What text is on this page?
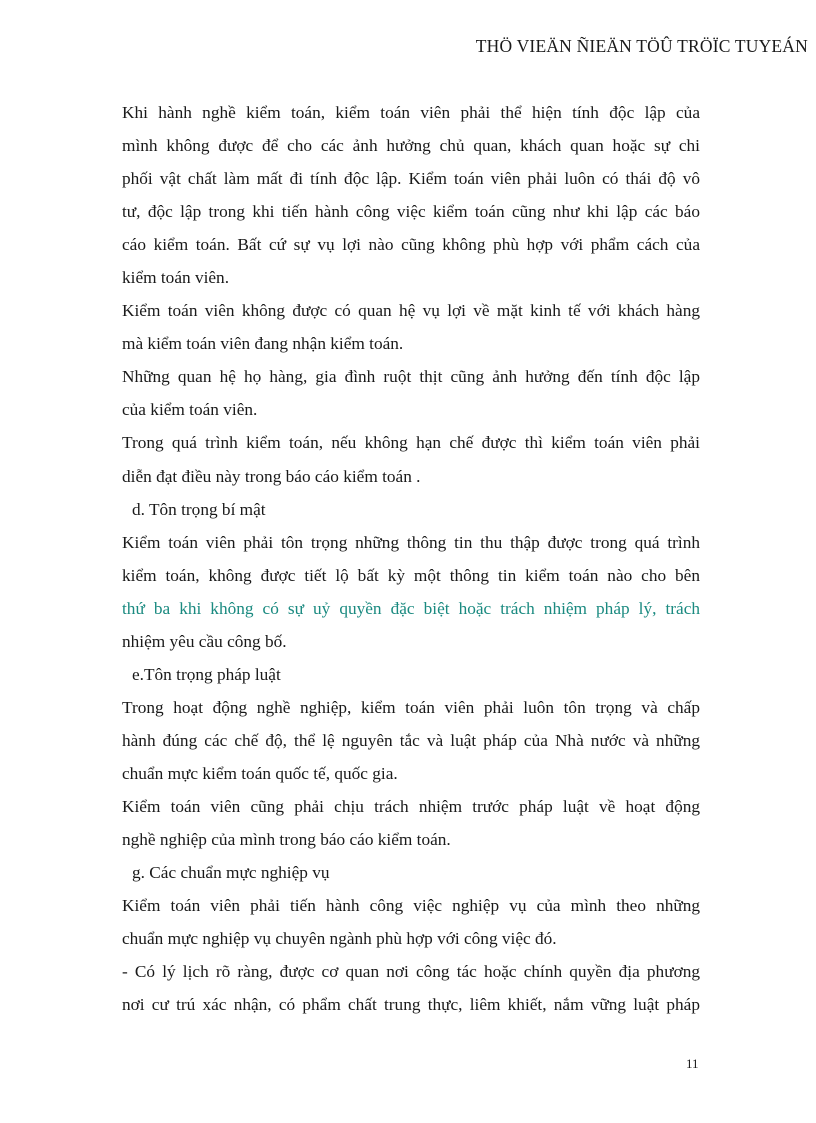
THÖ VIEÄN ÑIEÄN TÖÛ TRÖÏC TUYEÁN

Khi hành nghề kiểm toán, kiểm toán viên phải thể hiện tính độc lập của
mình không được để cho các ảnh hưởng chủ quan, khách quan hoặc sự chi
phối vật chất làm mất đi tính độc lập. Kiểm toán viên phải luôn có thái độ vô
tư, độc lập trong khi tiến hành công việc kiểm toán cũng như khi lập các báo
cáo kiểm toán. Bất cứ sự vụ lợi nào cũng không phù hợp với phẩm cách của
kiểm toán viên.

Kiểm toán viên không được có quan hệ vụ lợi về mặt kinh tế với khách hàng
mà kiểm toán viên đang nhận kiểm toán.

Những quan hệ họ hàng, gia đình ruột thịt cũng ảnh hưởng đến tính độc lập
của kiểm toán viên.

Trong quá trình kiểm toán, nếu không hạn chế được thì kiểm toán viên phải
diễn đạt điều này trong báo cáo kiểm toán .

d. Tôn trọng bí mật

Kiểm toán viên phải tôn trọng những thông tin thu thập được trong quá trình
kiểm toán, không được tiết lộ bất kỳ một thông tin kiểm toán nào cho bên
thứ ba khi không có sự uỷ quyền đặc biệt hoặc trách nhiệm pháp lý, trách
nhiệm yêu cầu công bố.

e.Tôn trọng pháp luật

Trong hoạt động nghề nghiệp, kiểm toán viên phải luôn tôn trọng và chấp
hành đúng các chế độ, thể lệ nguyên tắc và luật pháp của Nhà nước và những
chuẩn mực kiểm toán quốc tế, quốc gia.

Kiểm toán viên cũng phải chịu trách nhiệm trước pháp luật về hoạt động
nghề nghiệp của mình trong báo cáo kiểm toán.

g. Các chuẩn mực nghiệp vụ

Kiểm toán viên phải tiến hành công việc nghiệp vụ của mình theo những
chuẩn mực nghiệp vụ chuyên ngành phù hợp với công việc đó.

- Có lý lịch rõ ràng, được cơ quan nơi công tác hoặc chính quyền địa phương
nơi cư trú xác nhận, có phẩm chất trung thực, liêm khiết, nắm vững luật pháp

11
